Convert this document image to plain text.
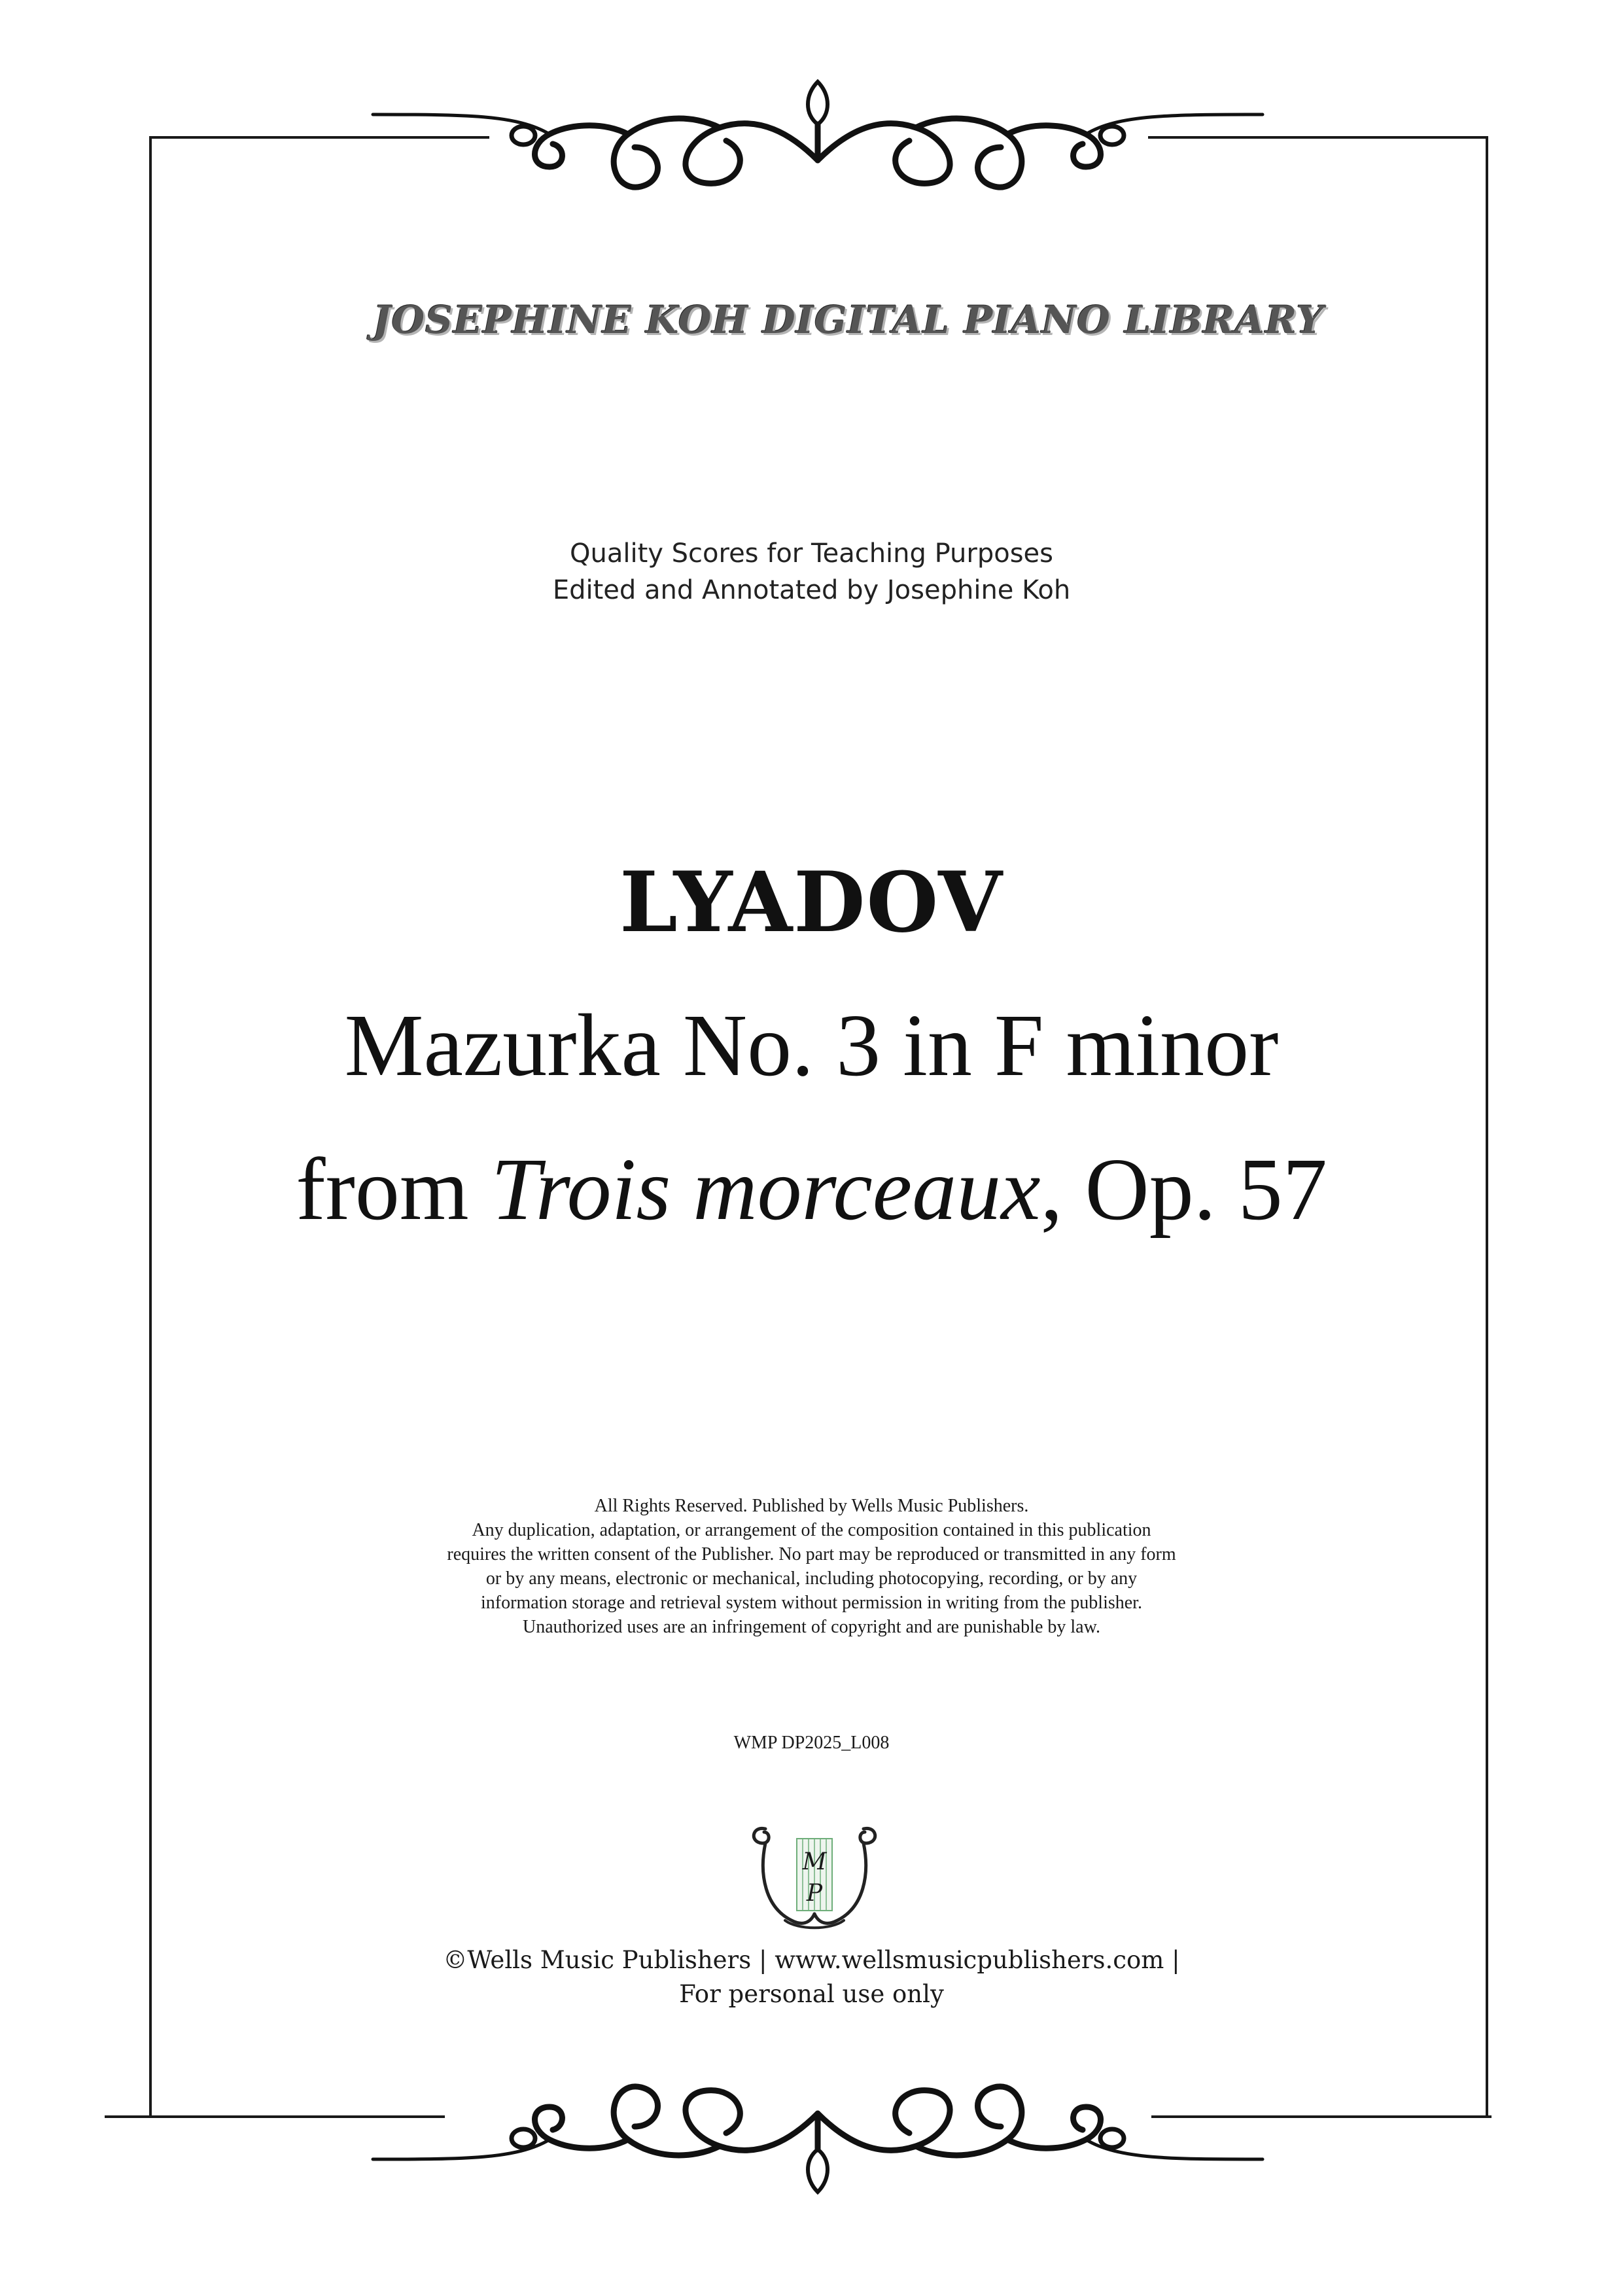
JOSEPHINE KOH DIGITAL PIANO LIBRARY
Quality Scores for Teaching Purposes
Edited and Annotated by Josephine Koh
LYADOV
Mazurka No. 3 in F minor
from Trois morceaux, Op. 57
All Rights Reserved. Published by Wells Music Publishers.
Any duplication, adaptation, or arrangement of the composition contained in this publication
requires the written consent of the Publisher. No part may be reproduced or transmitted in any form
or by any means, electronic or mechanical, including photocopying, recording, or by any
information storage and retrieval system without permission in writing from the publisher.
Unauthorized uses are an infringement of copyright and are punishable by law.
WMP DP2025_L008
M
P
©Wells Music Publishers | www.wellsmusicpublishers.com |
For personal use only
